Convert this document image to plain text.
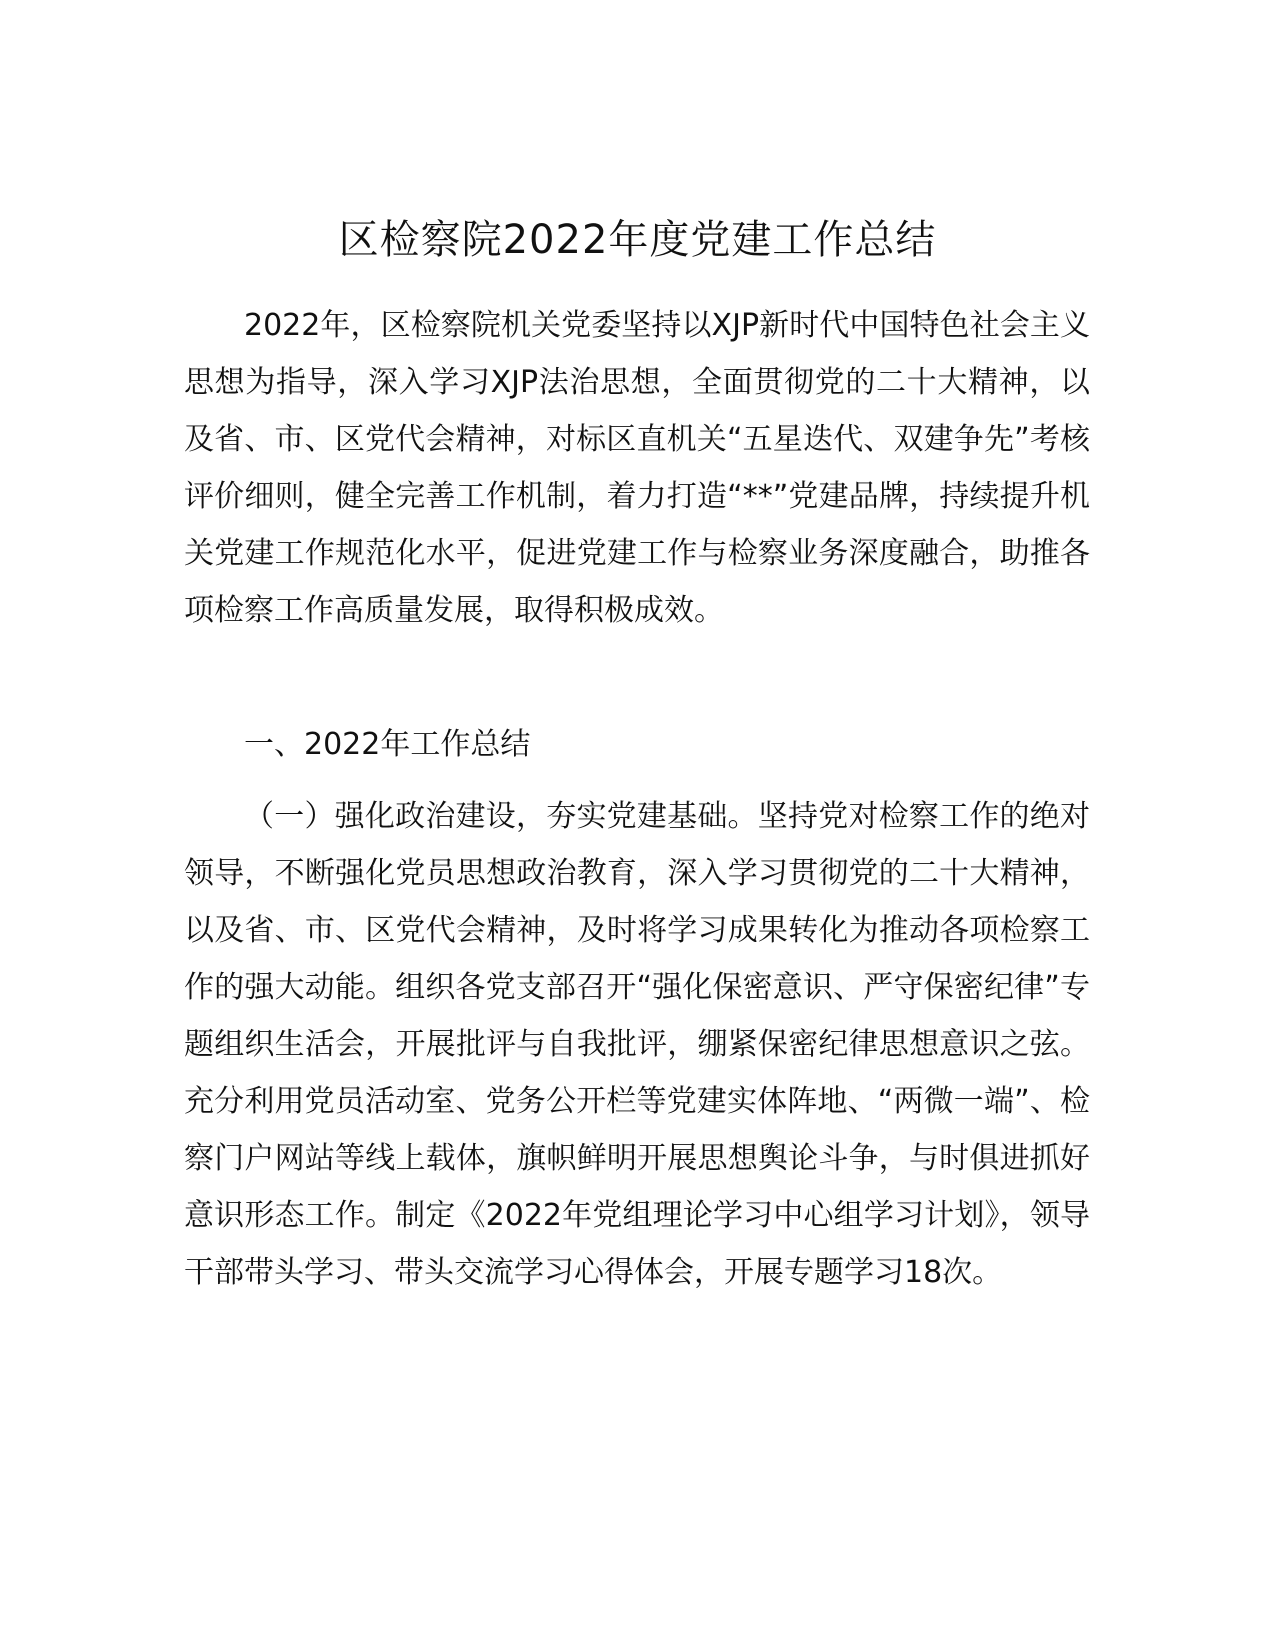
区检察院2022年度党建工作总结

2022年，区检察院机关党委坚持以XJP新时代中国特色社会主义思想为指导，深入学习XJP法治思想，全面贯彻党的二十大精神，以及省、市、区党代会精神，对标区直机关“五星迭代、双建争先”考核评价细则，健全完善工作机制，着力打造“**”党建品牌，持续提升机关党建工作规范化水平，促进党建工作与检察业务深度融合，助推各项检察工作高质量发展，取得积极成效。

一、2022年工作总结

（一）强化政治建设，夯实党建基础。坚持党对检察工作的绝对领导，不断强化党员思想政治教育，深入学习贯彻党的二十大精神，以及省、市、区党代会精神，及时将学习成果转化为推动各项检察工作的强大动能。组织各党支部召开“强化保密意识、严守保密纪律”专题组织生活会，开展批评与自我批评，绷紧保密纪律思想意识之弦。充分利用党员活动室、党务公开栏等党建实体阵地、“两微一端”、检察门户网站等线上载体，旗帜鲜明开展思想舆论斗争，与时俱进抓好意识形态工作。制定《2022年党组理论学习中心组学习计划》，领导干部带头学习、带头交流学习心得体会，开展专题学习18次。
